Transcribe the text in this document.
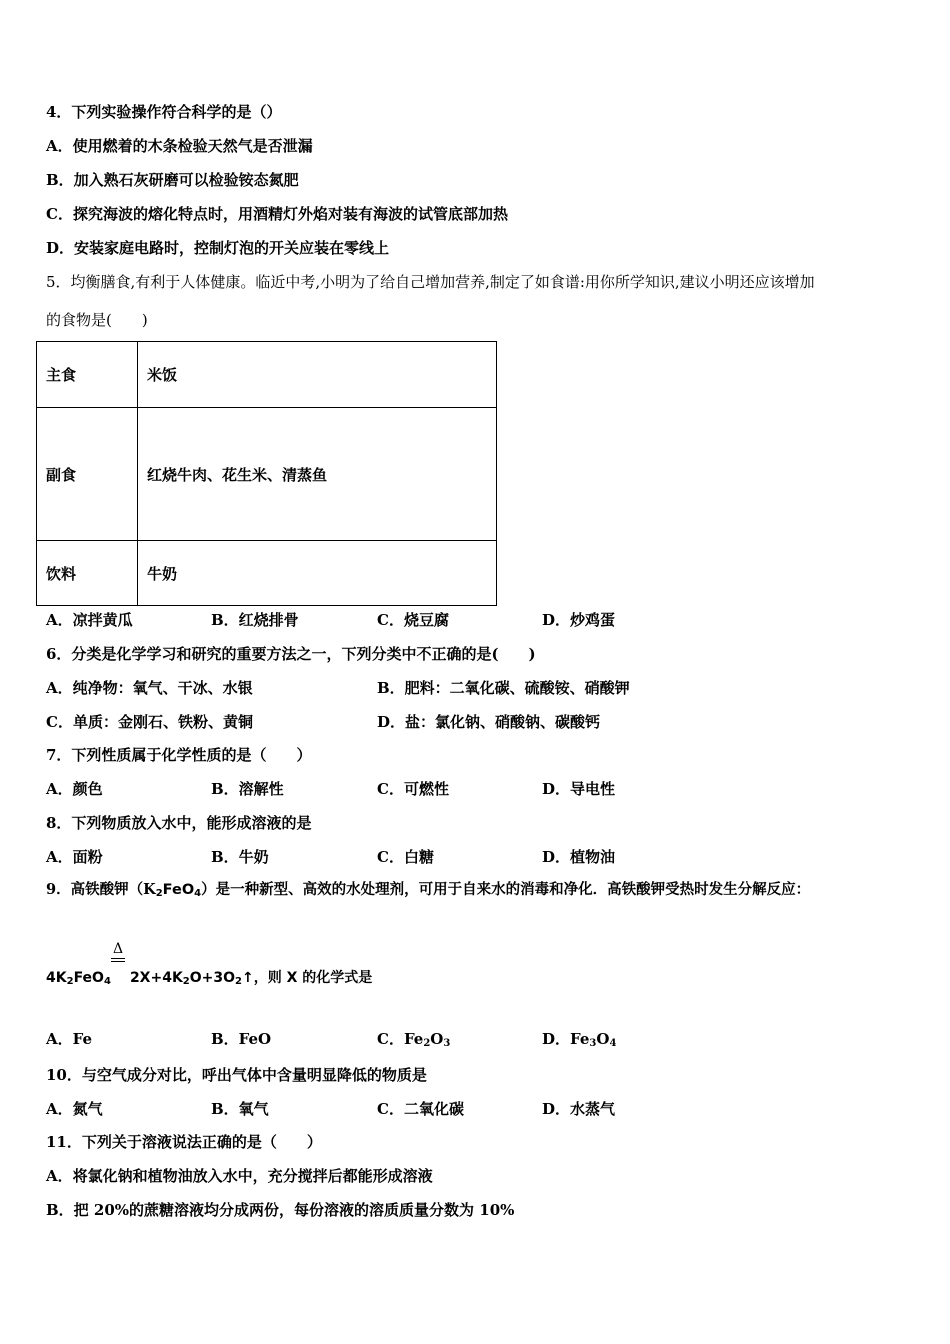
4．下列实验操作符合科学的是（）
A．使用燃着的木条检验天然气是否泄漏
B．加入熟石灰研磨可以检验铵态氮肥
C．探究海波的熔化特点时，用酒精灯外焰对装有海波的试管底部加热
D．安装家庭电路时，控制灯泡的开关应装在零线上
5．均衡膳食,有利于人体健康。临近中考,小明为了给自己增加营养,制定了如食谱:用你所学知识,建议小明还应该增加
的食物是(　　)
主食	米饭
副食	红烧牛肉、花生米、清蒸鱼
饮料	牛奶
A．凉拌黄瓜	B．红烧排骨	C．烧豆腐	D．炒鸡蛋
6．分类是化学学习和研究的重要方法之一，下列分类中不正确的是(　　)
A．纯净物：氧气、干冰、水银	B．肥料：二氧化碳、硫酸铵、硝酸钾
C．单质：金刚石、铁粉、黄铜	D．盐：氯化钠、硝酸钠、碳酸钙
7．下列性质属于化学性质的是（　　）
A．颜色	B．溶解性	C．可燃性	D．导电性
8．下列物质放入水中，能形成溶液的是
A．面粉	B．牛奶	C．白糖	D．植物油
9．高铁酸钾$(K_2FeO_4)$是一种新型、高效的水处理剂，可用于自来水的消毒和净化．高铁酸钾受热时发生分解反应：
Δ
$4K_2FeO_4$ $2X+4K_2O+3O_2↑$，则 X 的化学式是
A．Fe	B．FeO	C．$Fe_2O_3$	D．$Fe_3O_4$
10．与空气成分对比，呼出气体中含量明显降低的物质是
A．氮气	B．氧气	C．二氧化碳	D．水蒸气
11．下列关于溶液说法正确的是（　　）
A．将氯化钠和植物油放入水中，充分搅拌后都能形成溶液
B．把 20%的蔗糖溶液均分成两份，每份溶液的溶质质量分数为 10%
